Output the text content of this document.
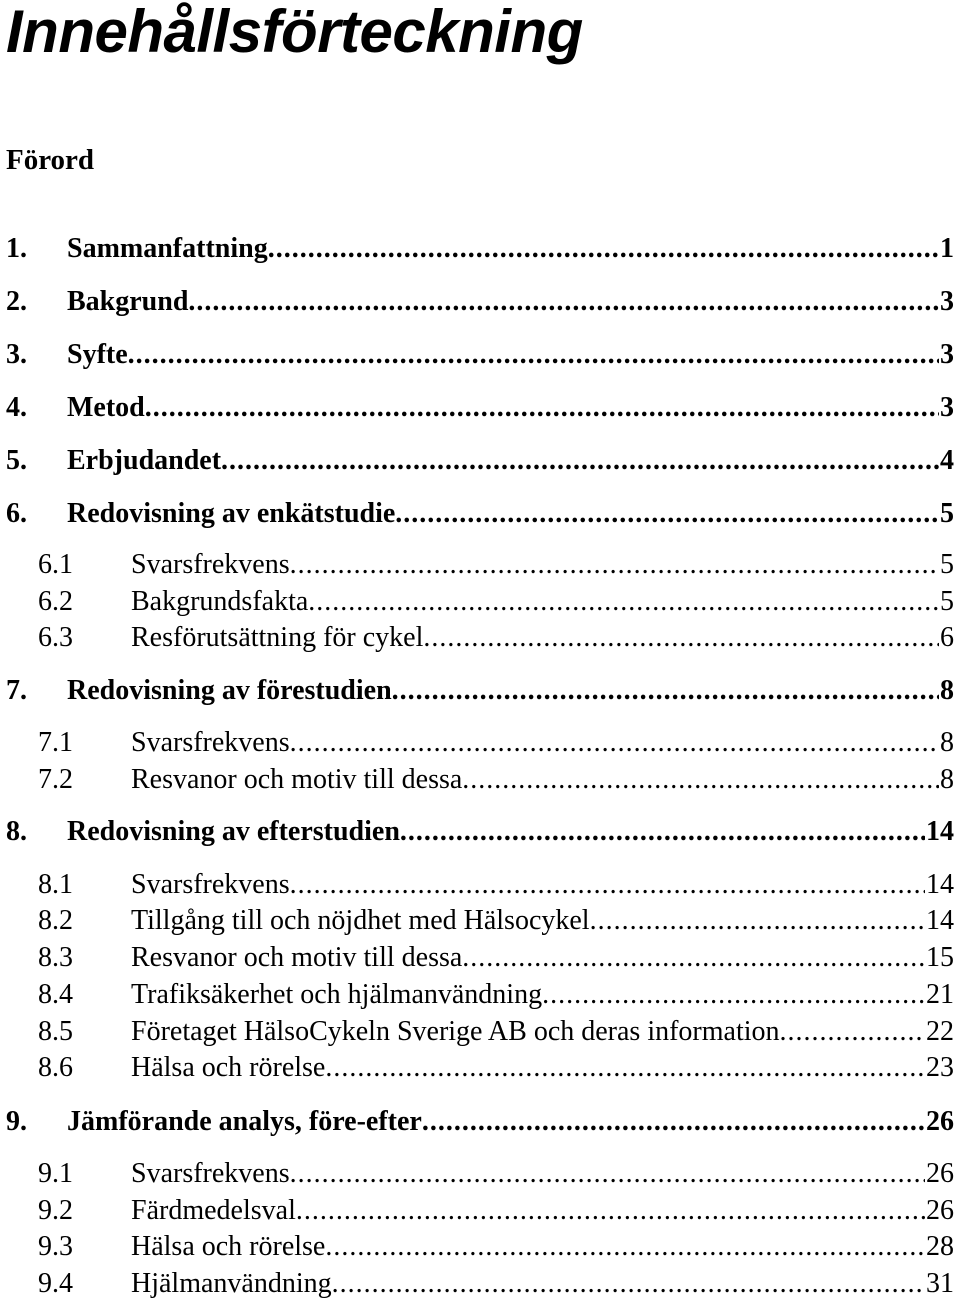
Innehållsförteckning
Förord
1. Sammanfattning .....	1
2. Bakgrund .....	3
3. Syfte .....	3
4. Metod .....	3
5. Erbjudandet .....	4
6. Redovisning av enkätstudie .....	5
6.1 Svarsfrekvens .....	5
6.2 Bakgrundsfakta .....	5
6.3 Resförutsättning för cykel .....	6
7. Redovisning av förestudien .....	8
7.1 Svarsfrekvens .....	8
7.2 Resvanor och motiv till dessa .....	8
8. Redovisning av efterstudien .....	14
8.1 Svarsfrekvens .....	14
8.2 Tillgång till och nöjdhet med Hälsocykel .....	14
8.3 Resvanor och motiv till dessa .....	15
8.4 Trafiksäkerhet och hjälmanvändning .....	21
8.5 Företaget HälsoCykeln Sverige AB och deras information .....	22
8.6 Hälsa och rörelse .....	23
9. Jämförande analys, före-efter .....	26
9.1 Svarsfrekvens .....	26
9.2 Färdmedelsval .....	26
9.3 Hälsa och rörelse .....	28
9.4 Hjälmanvändning .....	31
